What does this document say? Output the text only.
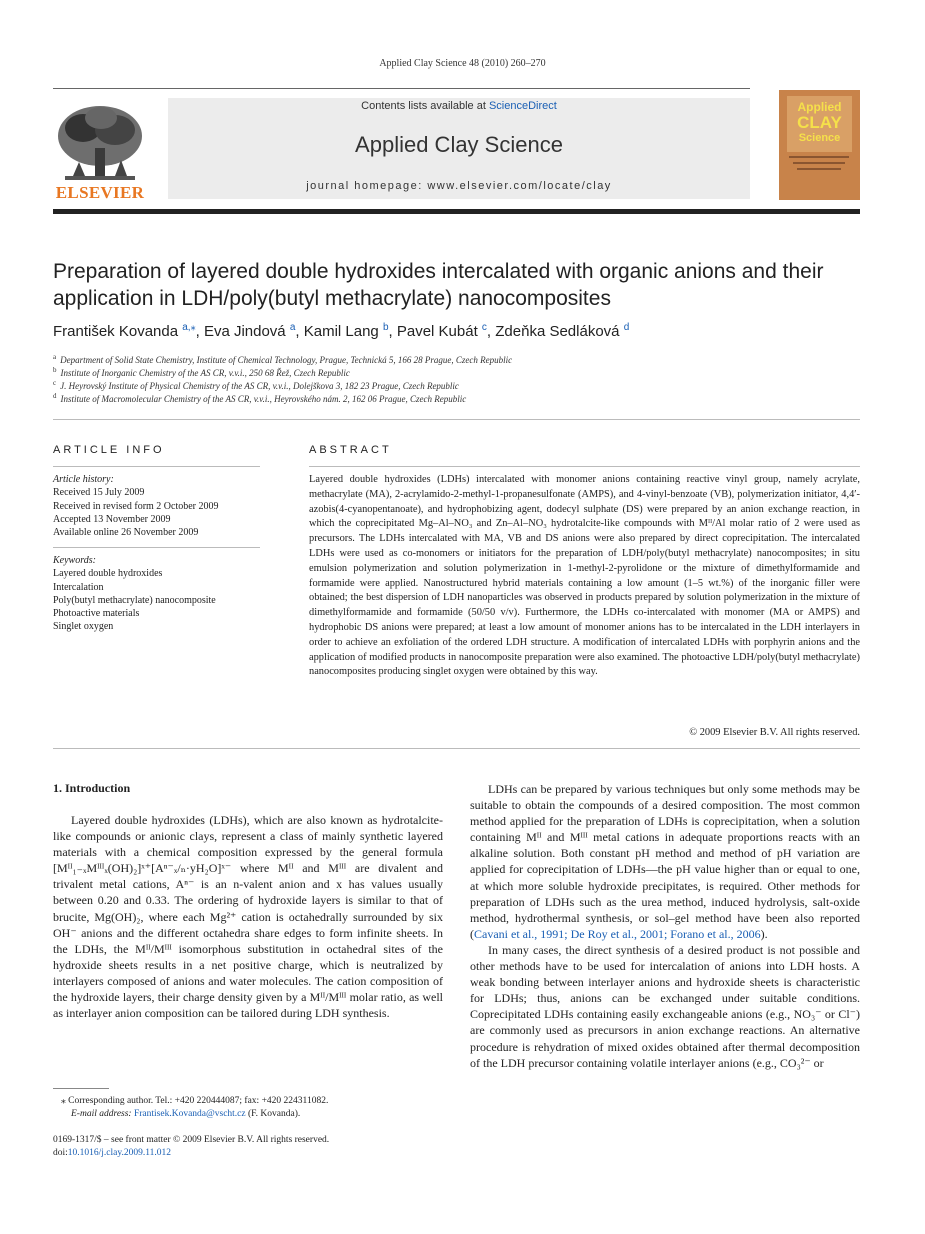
Applied Clay Science 48 (2010) 260–270
ELSEVIER
Contents lists available at ScienceDirect
Applied Clay Science
journal homepage: www.elsevier.com/locate/clay
Applied
CLAY
Science
Preparation of layered double hydroxides intercalated with organic anions and their application in LDH/poly(butyl methacrylate) nanocomposites
František Kovanda $^{a,⁎}$, Eva Jindová $^a$, Kamil Lang $^b$, Pavel Kubát $^c$, Zdeňka Sedláková $^d$
$^a$ Department of Solid State Chemistry, Institute of Chemical Technology, Prague, Technická 5, 166 28 Prague, Czech Republic
$^b$ Institute of Inorganic Chemistry of the AS CR, v.v.i., 250 68 Řež, Czech Republic
$^c$ J. Heyrovský Institute of Physical Chemistry of the AS CR, v.v.i., Dolejškova 3, 182 23 Prague, Czech Republic
$^d$ Institute of Macromolecular Chemistry of the AS CR, v.v.i., Heyrovského nám. 2, 162 06 Prague, Czech Republic
ARTICLE INFO
Article history:
Received 15 July 2009
Received in revised form 2 October 2009
Accepted 13 November 2009
Available online 26 November 2009
Keywords:
Layered double hydroxides
Intercalation
Poly(butyl methacrylate) nanocomposite
Photoactive materials
Singlet oxygen
ABSTRACT
Layered double hydroxides (LDHs) intercalated with monomer anions containing reactive vinyl group, namely acrylate, methacrylate (MA), 2-acrylamido-2-methyl-1-propanesulfonate (AMPS), and 4-vinyl-benzoate (VB), polymerization initiator, 4,4′-azobis(4-cyanopentanoate), and hydrophobizing agent, dodecyl sulphate (DS) were prepared by an anion exchange reaction, in which the coprecipitated Mg–Al–NO₃ and Zn–Al–NO₃ hydrotalcite-like compounds with Mᴵᴵ/Al molar ratio of 2 were used as precursors. The LDHs intercalated with MA, VB and DS anions were also prepared by direct coprecipitation. The intercalated LDHs were used as co-monomers or initiators for the preparation of LDH/poly(butyl methacrylate) nanocomposites; in situ emulsion polymerization and solution polymerization in 1-methyl-2-pyrolidone or the mixture of dimethylformamide and formamide were applied. Nanostructured hybrid materials containing a low amount (1–5 wt.%) of the inorganic filler were obtained; the best dispersion of LDH nanoparticles was observed in products prepared by solution polymerization in the mixture of dimethylformamide and formamide (50/50 v/v). Furthermore, the LDHs co-intercalated with monomer (MA or AMPS) and hydrophobic DS anions were prepared; at least a low amount of monomer anions has to be intercalated in the LDH interlayers in order to achieve an exfoliation of the ordered LDH structure. A modification of intercalated LDHs with porphyrin anions and the application of modified products in nanocomposite preparation were also examined. The photoactive LDH/poly(butyl methacrylate) nanocomposites producing singlet oxygen were obtained by this way.
© 2009 Elsevier B.V. All rights reserved.
1. Introduction

Layered double hydroxides (LDHs), which are also known as hydrotalcite-like compounds or anionic clays, represent a class of mainly synthetic layered materials with a chemical composition expressed by the general formula [Mᴵᴵ₁₋ₓMᴵᴵᴵₓ(OH)₂]ˣ⁺[Aⁿ⁻ₓ/ₙ·yH₂O]ˣ⁻ where Mᴵᴵ and Mᴵᴵᴵ are divalent and trivalent metal cations, Aⁿ⁻ is an n-valent anion and x has values usually between 0.20 and 0.33. The ordering of hydroxide layers is similar to that of brucite, Mg(OH)₂, where each Mg²⁺ cation is octahedrally surrounded by six OH⁻ anions and the different octahedra share edges to form infinite sheets. In the LDHs, the Mᴵᴵ/Mᴵᴵᴵ isomorphous substitution in octahedral sites of the hydroxide sheets results in a net positive charge, which is neutralized by interlayers composed of anions and water molecules. The cation composition of the hydroxide layers, their charge density given by a Mᴵᴵ/Mᴵᴵᴵ molar ratio, as well as interlayer anion composition can be tailored during LDH synthesis.

LDHs can be prepared by various techniques but only some methods may be suitable to obtain the compounds of a desired composition. The most common method applied for the preparation of LDHs is coprecipitation, when a solution containing Mᴵᴵ and Mᴵᴵᴵ metal cations in adequate proportions reacts with an alkaline solution. Both constant pH method and method of pH variation are applied for coprecipitation of LDHs—the pH value higher than or equal to one, at which more soluble hydroxide precipitates, is required. Other methods for preparation of LDHs such as the urea method, induced hydrolysis, salt-oxide method, hydrothermal synthesis, or sol–gel method have been also reported (Cavani et al., 1991; De Roy et al., 2001; Forano et al., 2006).

In many cases, the direct synthesis of a desired product is not possible and other methods have to be used for intercalation of anions into LDH hosts. A weak bonding between interlayer anions and hydroxide sheets is characteristic for LDHs; thus, anions can be exchanged under suitable conditions. Coprecipitated LDHs containing easily exchangeable anions (e.g., NO₃⁻ or Cl⁻) are commonly used as precursors in anion exchange reactions. An alternative procedure is rehydration of mixed oxides obtained after thermal decomposition of the LDH precursor containing volatile interlayer anions (e.g., CO₃²⁻ or

⁎ Corresponding author. Tel.: +420 220444087; fax: +420 224311082.
E-mail address: Frantisek.Kovanda@vscht.cz (F. Kovanda).
0169-1317/$ – see front matter © 2009 Elsevier B.V. All rights reserved.
doi:10.1016/j.clay.2009.11.012
